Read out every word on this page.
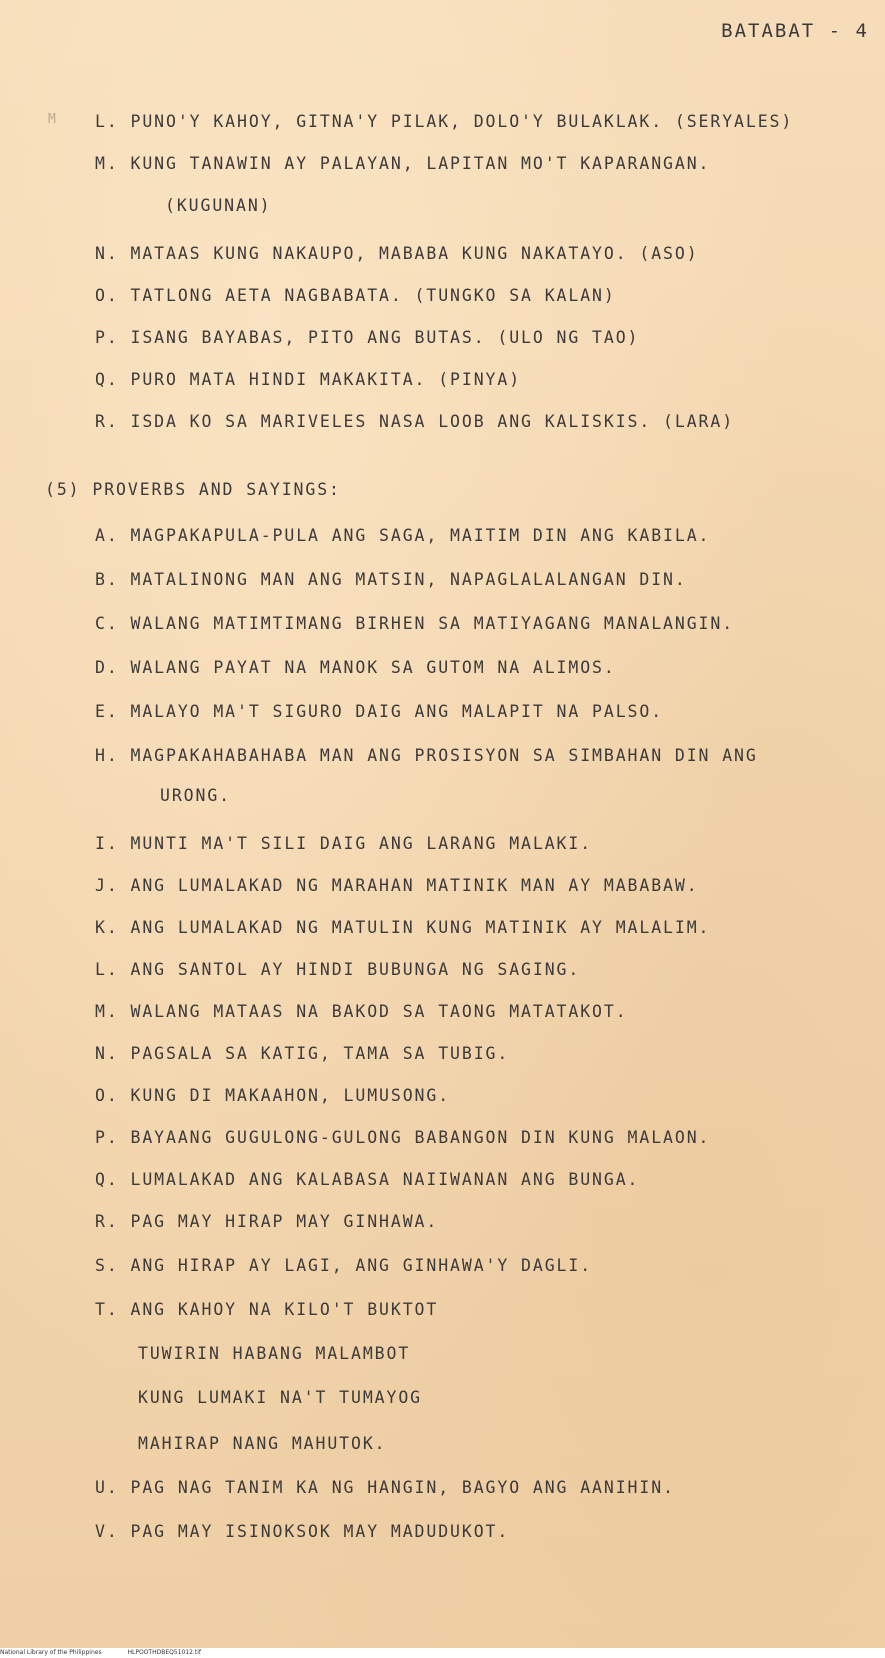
BATABAT - 4
M L. PUNO'Y KAHOY, GITNA'Y PILAK, DOLO'Y BULAKLAK. (SERYALES)
M. KUNG TANAWIN AY PALAYAN, LAPITAN MO'T KAPARANGAN.
(KUGUNAN)
N. MATAAS KUNG NAKAUPO, MABABA KUNG NAKATAYO. (ASO)
O. TATLONG AETA NAGBABATA. (TUNGKO SA KALAN)
P. ISANG BAYABAS, PITO ANG BUTAS. (ULO NG TAO)
Q. PURO MATA HINDI MAKAKITA. (PINYA)
R. ISDA KO SA MARIVELES NASA LOOB ANG KALISKIS. (LARA)
(5) PROVERBS AND SAYINGS:
A. MAGPAKAPULA-PULA ANG SAGA, MAITIM DIN ANG KABILA.
B. MATALINONG MAN ANG MATSIN, NAPAGLALALANGAN DIN.
C. WALANG MATIMTIMANG BIRHEN SA MATIYAGANG MANALANGIN.
D. WALANG PAYAT NA MANOK SA GUTOM NA ALIMOS.
E. MALAYO MA'T SIGURO DAIG ANG MALAPIT NA PALSO.
H. MAGPAKAHABAHABA MAN ANG PROSISYON SA SIMBAHAN DIN ANG
URONG.
I. MUNTI MA'T SILI DAIG ANG LARANG MALAKI.
J. ANG LUMALAKAD NG MARAHAN MATINIK MAN AY MABABAW.
K. ANG LUMALAKAD NG MATULIN KUNG MATINIK AY MALALIM.
L. ANG SANTOL AY HINDI BUBUNGA NG SAGING.
M. WALANG MATAAS NA BAKOD SA TAONG MATATAKOT.
N. PAGSALA SA KATIG, TAMA SA TUBIG.
O. KUNG DI MAKAAHON, LUMUSONG.
P. BAYAANG GUGULONG-GULONG BABANGON DIN KUNG MALAON.
Q. LUMALAKAD ANG KALABASA NAIIWANAN ANG BUNGA.
R. PAG MAY HIRAP MAY GINHAWA.
S. ANG HIRAP AY LAGI, ANG GINHAWA'Y DAGLI.
T. ANG KAHOY NA KILO'T BUKTOT
TUWIRIN HABANG MALAMBOT
KUNG LUMAKI NA'T TUMAYOG
MAHIRAP NANG MAHUTOK.
U. PAG NAG TANIM KA NG HANGIN, BAGYO ANG AANIHIN.
V. PAG MAY ISINOKSOK MAY MADUDUKOT.
National Library of the Philippines	HLPOOTHDBEQ51012.tif
